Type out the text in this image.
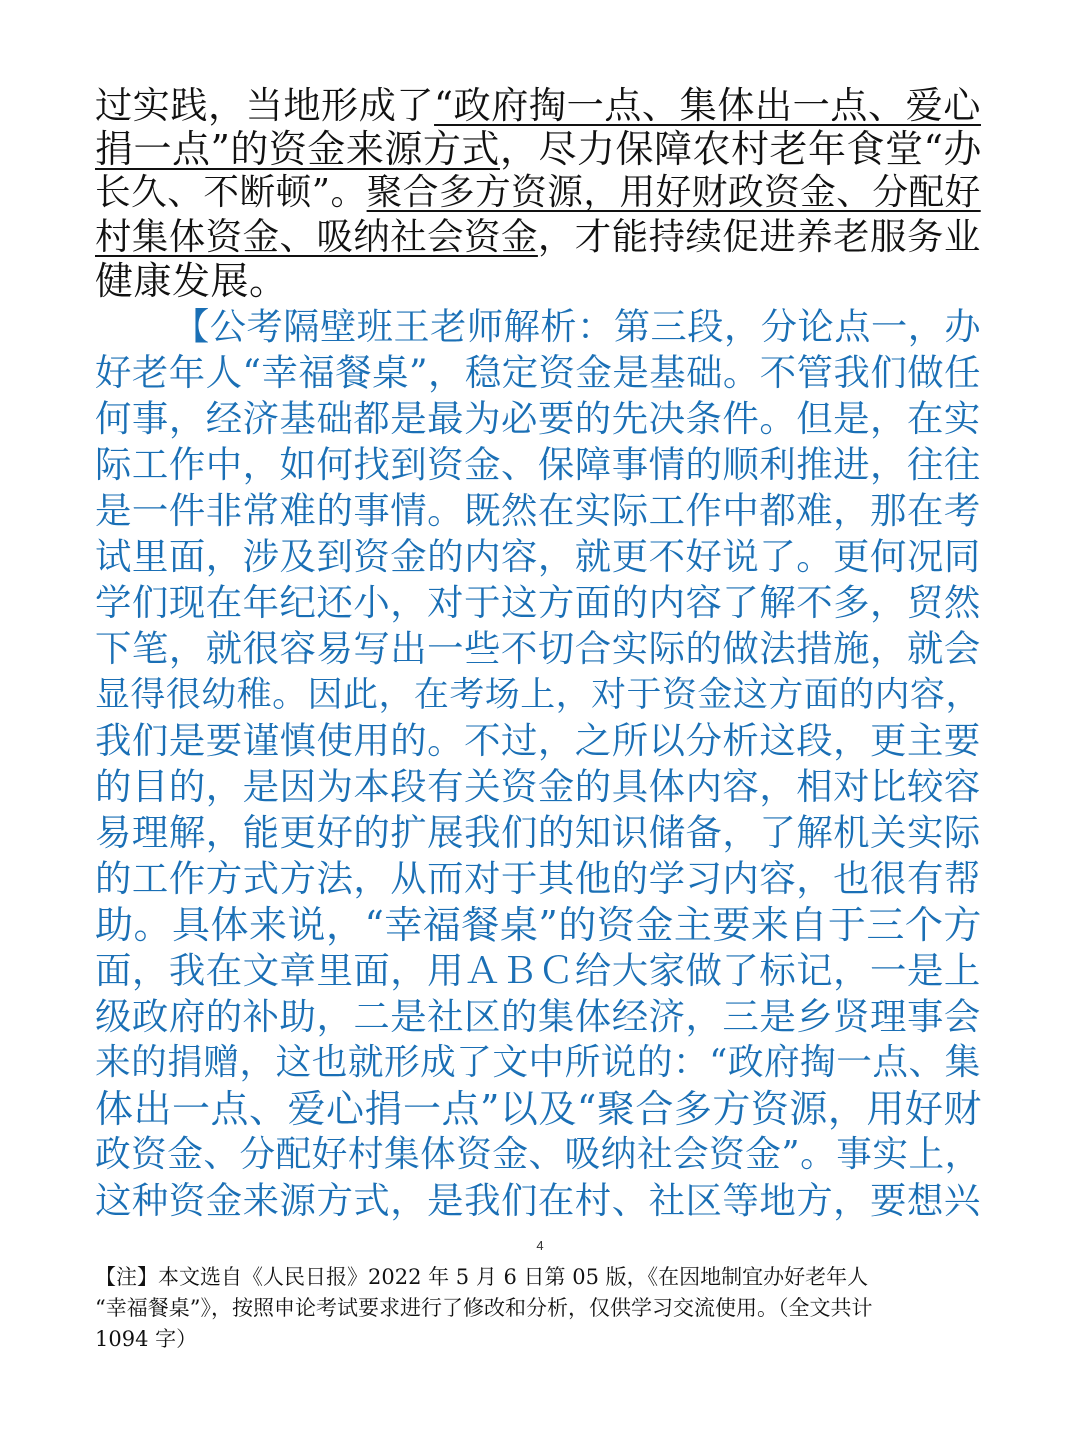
过实践，当地形成了“政府掏一点、集体出一点、爱心
捐一点”的资金来源方式，尽力保障农村老年食堂“办
长久、不断顿”。聚合多方资源，用好财政资金、分配好
村集体资金、吸纳社会资金，才能持续促进养老服务业
健康发展。
【公考隔壁班王老师解析：第三段，分论点一，办
好老年人“幸福餐桌”，稳定资金是基础。不管我们做任
何事，经济基础都是最为必要的先决条件。但是，在实
际工作中，如何找到资金、保障事情的顺利推进，往往
是一件非常难的事情。既然在实际工作中都难，那在考
试里面，涉及到资金的内容，就更不好说了。更何况同
学们现在年纪还小，对于这方面的内容了解不多，贸然
下笔，就很容易写出一些不切合实际的做法措施，就会
显得很幼稚。因此，在考场上，对于资金这方面的内容，
我们是要谨慎使用的。不过，之所以分析这段，更主要
的目的，是因为本段有关资金的具体内容，相对比较容
易理解，能更好的扩展我们的知识储备，了解机关实际
的工作方式方法，从而对于其他的学习内容，也很有帮
助。具体来说，“幸福餐桌”的资金主要来自于三个方
面，我在文章里面，用ＡＢＣ给大家做了标记，一是上
级政府的补助，二是社区的集体经济，三是乡贤理事会
来的捐赠，这也就形成了文中所说的：“政府掏一点、集
体出一点、爱心捐一点”以及“聚合多方资源，用好财
政资金、分配好村集体资金、吸纳社会资金”。事实上，
这种资金来源方式，是我们在村、社区等地方，要想兴
4
【注】本文选自《人民日报》2022 年 5 月 6 日第 05 版，《在因地制宜办好老年人
“幸福餐桌”》，按照申论考试要求进行了修改和分析，仅供学习交流使用。（全文共计
1094 字）
